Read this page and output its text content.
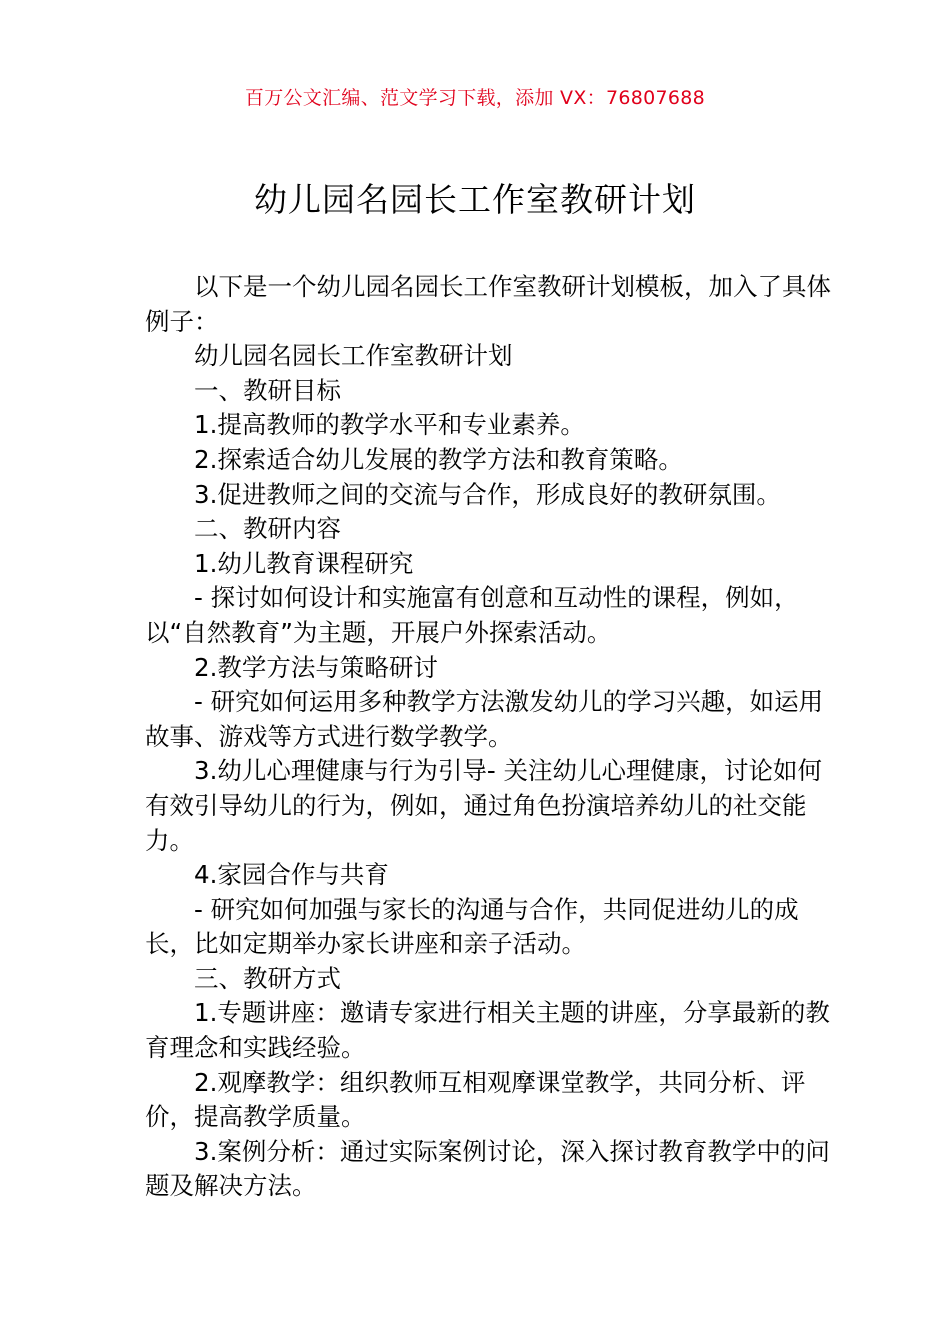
百万公文汇编、范文学习下载，添加 VX：76807688
幼儿园名园长工作室教研计划

以下是一个幼儿园名园长工作室教研计划模板，加入了具体例子：

幼儿园名园长工作室教研计划

一、教研目标

1.提高教师的教学水平和专业素养。

2.探索适合幼儿发展的教学方法和教育策略。

3.促进教师之间的交流与合作，形成良好的教研氛围。

二、教研内容

1.幼儿教育课程研究

- 探讨如何设计和实施富有创意和互动性的课程，例如，以“自然教育”为主题，开展户外探索活动。

2.教学方法与策略研讨

- 研究如何运用多种教学方法激发幼儿的学习兴趣，如运用故事、游戏等方式进行数学教学。

3.幼儿心理健康与行为引导- 关注幼儿心理健康，讨论如何有效引导幼儿的行为，例如，通过角色扮演培养幼儿的社交能力。

4.家园合作与共育

- 研究如何加强与家长的沟通与合作，共同促进幼儿的成长，比如定期举办家长讲座和亲子活动。

三、教研方式

1.专题讲座：邀请专家进行相关主题的讲座，分享最新的教育理念和实践经验。

2.观摩教学：组织教师互相观摩课堂教学，共同分析、评价，提高教学质量。

3.案例分析：通过实际案例讨论，深入探讨教育教学中的问题及解决方法。
